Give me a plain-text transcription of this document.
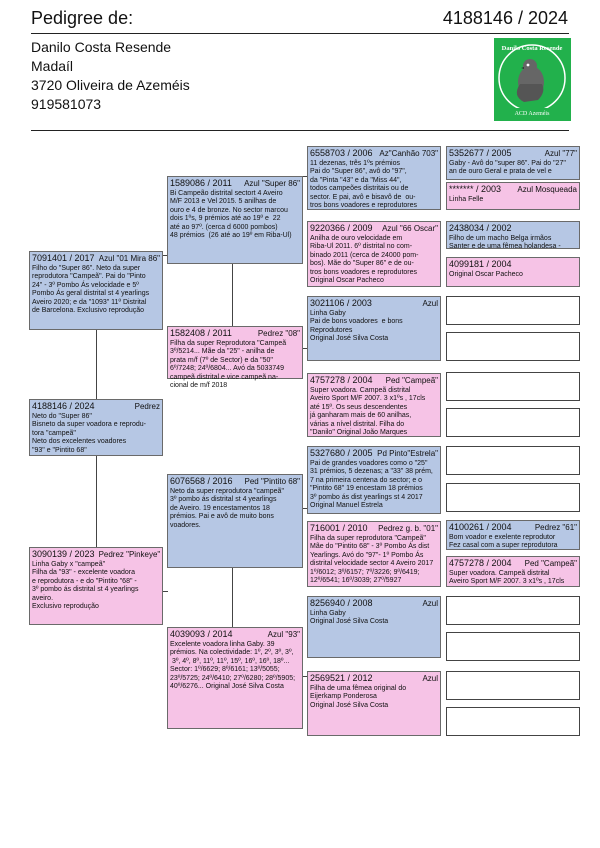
Pedigree de:	4188146 / 2024
Danilo Costa Resende
Madaíl
3720 Oliveira de Azeméis
919581073
Danilo Costa Resende
ACD Azeméis
4188146 / 2024	Pedrez
Neto do "Super 86"
Bisneto da super voadora e reprodu-
tora "campeã"
Neto dos excelentes voadores
"93" e "Pintito 68"
7091401 / 2017 Azul "01 Mira 86"
Filho do "Super 86". Neto da super
reprodutora "Campeã". Pai do "Pinto
24" - 3º Pombo Ás velocidade e 5º
Pombo Ás geral distrital st 4 yearlings
Aveiro 2020; e da "1093" 11º Distrital
de Barcelona. Exclusivo reprodução
3090139 / 2023 Pedrez "Pinkeye"
Linha Gaby x "campeã"
Filha da "93" - excelente voadora
e reprodutora - e do "Pintito "68" -
3º pombo ás distrital st 4 yearlings
aveiro.
Exclusivo reprodução
1589086 / 2011 Azul "Super 86"
Bi Campeão distrital sectort 4 Aveiro
M/F 2013 e Vel 2015. 5 anilhas de
ouro e 4 de bronze. No sector marcou
dois 1ºs, 9 prémios até ao 19º e  22
até ao 97º. (cerca d 6000 pombos)
48 prémios  (26 até ao 19º em Riba-Ul)
1582408 / 2011	Pedrez "08"
Filha da super Reprodutora "Campeã
3º/5214... Mãe da "25" - anilha de
prata m/f (7º de Sector) e da "50"
6º/7248; 24º/6804... Avó da 5033749
campeã distrital e vice campeã na-
cional de m/f 2018
6076568 / 2016 Ped "Pintito 68"
Neto da super reprodutora "campeã"
3º pombo ás distrital st 4 yearlings
de Aveiro. 19 encestamentos 18
prémios. Pai e avô de muito bons
voadores.
4039093 / 2014	Azul "93"
Excelente voadora linha Gaby. 39
prémios. Na colectividade: 1º, 2º, 3º, 3º,
3º, 4º, 8º, 11º, 11º, 15º, 16º, 16º, 18º...
Sector: 1º/6629; 8º/6161; 13º/5055;
23º/5725; 24º/6410; 27º/6280; 28º/5905;
40º/6276... Original José Silva Costa
6558703 / 2006 Az"Canhão 703"
11 dezenas, três 1ºs prémios
Pai do "Super 86", avô do "97",
da "Pinta "43" e da "Miss 44",
todos campeões distritais ou de
sector. E pai, avô e bisavô de  ou-
tros bons voadores e reprodutores
9220366 / 2009 Azul "66 Oscar"
Anilha de ouro velocidade em
Riba-Ul 2011. 6º distrital no com-
binado 2011 (cerca de 24000 pom-
bos). Mãe do "Super 86" e de ou-
tros bons voadores e reprodutores
Original Oscar Pacheco
3021106 / 2003	Azul
Linha Gaby
Pai de bons voadores  e bons
Reprodutores
Original José Silva Costa
4757278 / 2004 Ped "Campeã"
Super voadora. Campeã distrital
Aveiro Sport M/F 2007. 3 x1ºs , 17cls
até 15º. Os seus descendentes
já ganharam mais de 60 anilhas,
várias a nível distrital. Filha do
"Danilo" Original João Marques
5327680 / 2005 Pd Pinto"Estrela"
Pai de grandes voadores como o "25"
31 prémios, 5 dezenas; a "33" 38 prém,
7 na primeira centena do sector; e o
"Pintito 68" 19 encestam 18 prémios
3º pombo ás dist yearlings st 4 2017
Original Manuel Estrela
716001 / 2010 Pedrez g. b. "01"
Filha da super reprodutora "Campeã"
Mãe do "Pintito 68" - 3º Pombo Ás dist
Yearlings. Avó do "97"- 1º Pombo Ás
distrital velocidade sector 4 Aveiro 2017
1º/6012; 3º/6157; 7º/3226; 9º/6419;
12º/6541; 16º/3039; 27º/5927
8256940 / 2008	Azul
Linha Gaby
Original José Silva Costa
2569521 / 2012	Azul
Filha de uma fêmea original do
Eijerkamp Ponderosa
Original José Silva Costa
5352677 / 2005	Azul "77"
Gaby - Avô do "super 86". Pai do "27"
an de ouro Geral e prata de vel e
******* / 2003 Azul Mosqueada
Linha Felle
2438034 / 2002
Filho de um macho Belga irmãos
Santer e de uma fêmea holandesa -
4099181 / 2004
Original Oscar Pacheco
4100261 / 2004	Pedrez "61"
Bom voador e exelente reprodutor
Fez casal com a super reprodutora
4757278 / 2004 Ped "Campeã"
Super voadora. Campeã distrital
Aveiro Sport M/F 2007. 3 x1ºs , 17cls
